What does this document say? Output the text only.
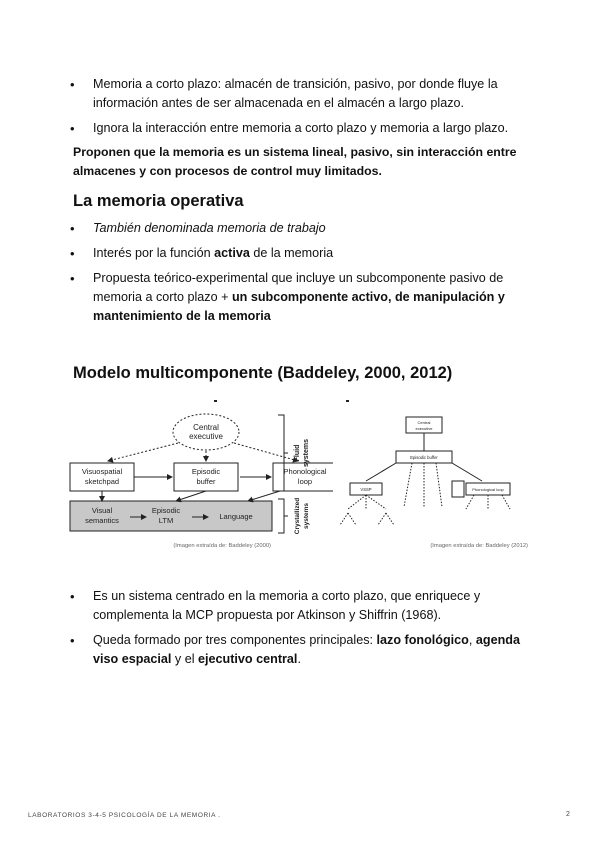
• Memoria a corto plazo: almacén de transición, pasivo, por donde fluye la información antes de ser almacenada en el almacén a largo plazo.
• Ignora la interacción entre memoria a corto plazo y memoria a largo plazo.

Proponen que la memoria es un sistema lineal, pasivo, sin interacción entre almacenes y con procesos de control muy limitados.

La memoria operativa
• También denominada memoria de trabajo
• Interés por la función activa de la memoria
• Propuesta teórico-experimental que incluye un subcomponente pasivo de memoria a corto plazo + un subcomponente activo, de manipulación y mantenimiento de la memoria
Modelo multicomponente (Baddeley, 2000, 2012)
Central
executive
Visuospatial
sketchpad
Episodic
buffer
Phonological
loop
Visual
semantics
Episodic
LTM	Language
Fluid systems
Crystallized systems
(Imagen extraída de: Baddeley (2000)
Central
executive
Episodic buffer
VSSP	Phonological loop
(Imagen extraída de: Baddeley (2012)
• Es un sistema centrado en la memoria a corto plazo, que enriquece y complementa la MCP propuesta por Atkinson y Shiffrin (1968).
• Queda formado por tres componentes principales: lazo fonológico, agenda viso espacial y el ejecutivo central.
LABORATORIOS 3-4-5 PSICOLOGÍA DE LA MEMORIA .	2
